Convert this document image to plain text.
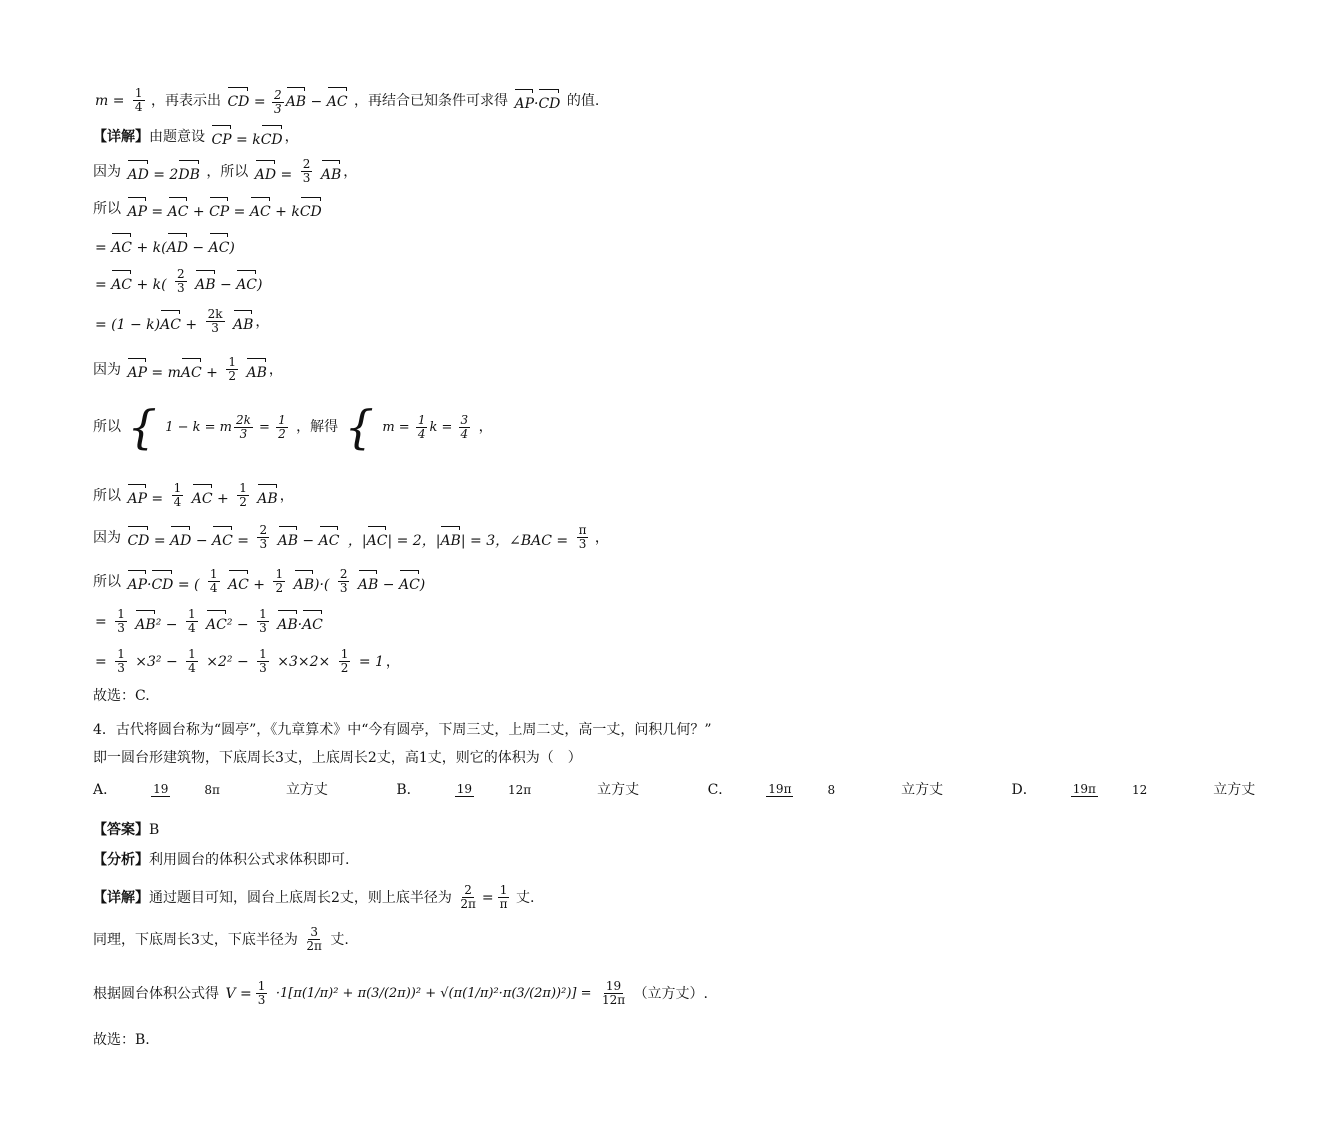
$m = \frac{1}{4}$ ，再表示出 CD = $\frac{2}{3}$ AB − AC ，再结合已知条件可求得 AP·CD 的值.
【详解】由题意设 CP = kCD ，
因为 AD = 2DB ，所以 AD = $\frac{2}{3}$ AB ，
所以 AP = AC + CP = AC + kCD
= AC + k(AD − AC)
= AC + $k( \frac{2}{3}$ AB − AC)
= $(1 - k)AC + \frac{2k}{3}$ AB ，
因为 AP = mAC + $\frac{1}{2}$ AB ，
所以 { 1 − k = m $\frac{2k}{3} = \frac{1}{2}$ ，解得 { $m = \frac{1}{4}$ $k = \frac{3}{4}$ ，
所以 AP = $\frac{1}{4}$ AC + $\frac{1}{2}$ AB ，
因为 CD = AD − AC = $\frac{2}{3}$ AB − AC ，|AC| = 2，|AB| = 3，∠BAC = $\frac{\pi}{3}$ ，
所以 AP·CD = ( $\frac{1}{4}$ AC + $\frac{1}{2} AB)\cdot( \frac{2}{3}$ AB − AC)
= $\frac{1}{3} AB^2 - \frac{1}{4} AC^2 - \frac{1}{3} AB\cdot AC$
= $\frac{1}{3} \times 3^2 - \frac{1}{4} \times 2^2 - \frac{1}{3} \times 3\times 2\times \frac{1}{2} = 1$ ，
故选：C.
4．古代将圆台称为“圆亭”，《九章算术》中“今有圆亭，下周三丈，上周二丈，高一丈，问积几何？”
即一圆台形建筑物，下底周长3丈，上底周长2丈，高1丈，则它的体积为（　）
A．	19	8π	立方丈	B．	19	12π	立方丈	C．	19π	8	立方丈	D．	19π	12	立方丈
【答案】B
【分析】利用圆台的体积公式求体积即可.
【详解】通过题目可知，圆台上底周长2丈，则上底半径为 $\frac{2}{2\pi} = \frac{1}{\pi}$ 丈.
同理，下底周长3丈，下底半径为 $\frac{3}{2\pi}$ 丈.
根据圆台体积公式得 $V = \frac{1}{3} \cdot 1[\pi(1/\pi)^2 + \pi(3/(2\pi))^2 + √(\pi(1/\pi)^2\cdot\pi(3/(2\pi))^2)] = \frac{19}{12\pi}$ （立方丈）.
故选：B.
